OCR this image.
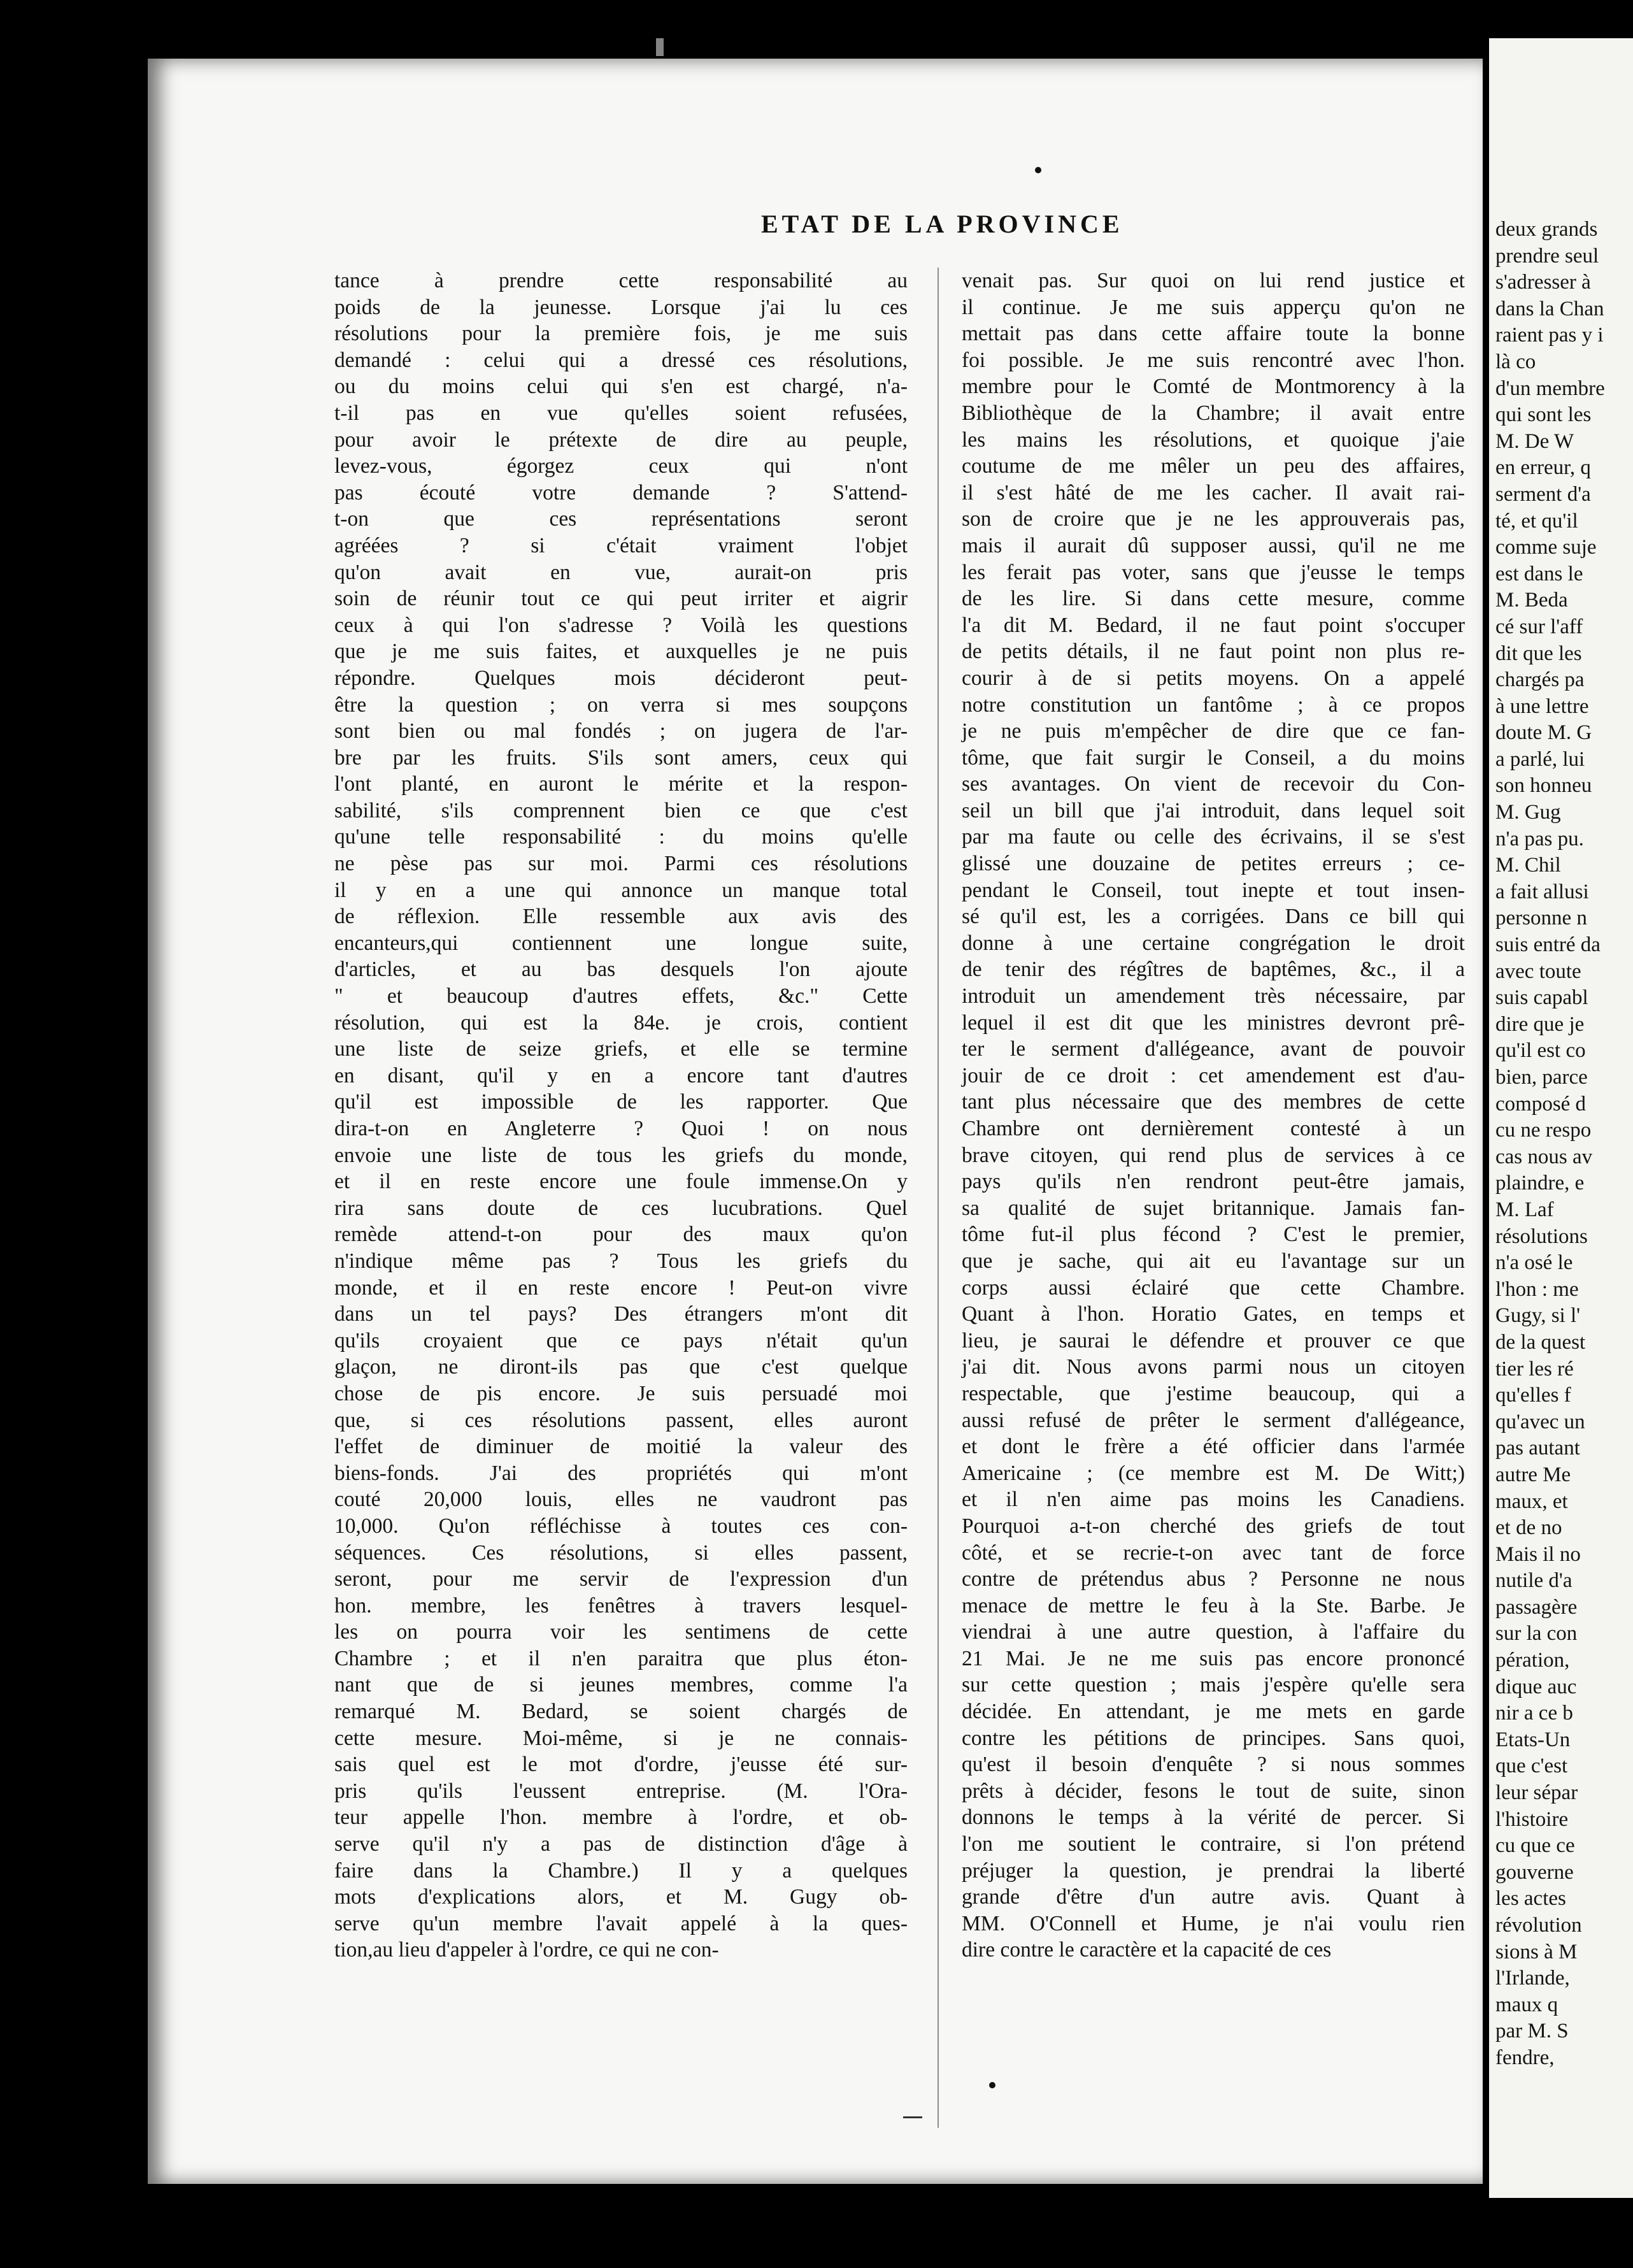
ETAT DE LA PROVINCE
tance à prendre cette responsabilité au
poids de la jeunesse. Lorsque j'ai lu ces
résolutions pour la première fois, je me suis
demandé : celui qui a dressé ces résolutions,
ou du moins celui qui s'en est chargé, n'a-
t-il pas en vue qu'elles soient refusées,
pour avoir le prétexte de dire au peuple,
levez-vous, égorgez ceux qui n'ont
pas écouté votre demande ? S'attend-
t-on que ces représentations seront
agréées ? si c'était vraiment l'objet
qu'on avait en vue, aurait-on pris
soin de réunir tout ce qui peut irriter et aigrir
ceux à qui l'on s'adresse ? Voilà les questions
que je me suis faites, et auxquelles je ne puis
répondre. Quelques mois décideront peut-
être la question ; on verra si mes soupçons
sont bien ou mal fondés ; on jugera de l'ar-
bre par les fruits. S'ils sont amers, ceux qui
l'ont planté, en auront le mérite et la respon-
sabilité, s'ils comprennent bien ce que c'est
qu'une telle responsabilité : du moins qu'elle
ne pèse pas sur moi. Parmi ces résolutions
il y en a une qui annonce un manque total
de réflexion. Elle ressemble aux avis des
encanteurs,qui contiennent une longue suite,
d'articles, et au bas desquels l'on ajoute
" et beaucoup d'autres effets, &c." Cette
résolution, qui est la 84e. je crois, contient
une liste de seize griefs, et elle se termine
en disant, qu'il y en a encore tant d'autres
qu'il est impossible de les rapporter. Que
dira-t-on en Angleterre ? Quoi ! on nous
envoie une liste de tous les griefs du monde,
et il en reste encore une foule immense.On y
rira sans doute de ces lucubrations. Quel
remède attend-t-on pour des maux qu'on
n'indique même pas ? Tous les griefs du
monde, et il en reste encore ! Peut-on vivre
dans un tel pays? Des étrangers m'ont dit
qu'ils croyaient que ce pays n'était qu'un
glaçon, ne diront-ils pas que c'est quelque
chose de pis encore. Je suis persuadé moi
que, si ces résolutions passent, elles auront
l'effet de diminuer de moitié la valeur des
biens-fonds. J'ai des propriétés qui m'ont
couté 20,000 louis, elles ne vaudront pas
10,000. Qu'on réfléchisse à toutes ces con-
séquences. Ces résolutions, si elles passent,
seront, pour me servir de l'expression d'un
hon. membre, les fenêtres à travers lesquel-
les on pourra voir les sentimens de cette
Chambre ; et il n'en paraitra que plus éton-
nant que de si jeunes membres, comme l'a
remarqué M. Bedard, se soient chargés de
cette mesure. Moi-même, si je ne connais-
sais quel est le mot d'ordre, j'eusse été sur-
pris qu'ils l'eussent entreprise. (M. l'Ora-
teur appelle l'hon. membre à l'ordre, et ob-
serve qu'il n'y a pas de distinction d'âge à
faire dans la Chambre.) Il y a quelques
mots d'explications alors, et M. Gugy ob-
serve qu'un membre l'avait appelé à la ques-
tion,au lieu d'appeler à l'ordre, ce qui ne con-
venait pas. Sur quoi on lui rend justice et
il continue. Je me suis apperçu qu'on ne
mettait pas dans cette affaire toute la bonne
foi possible. Je me suis rencontré avec l'hon.
membre pour le Comté de Montmorency à la
Bibliothèque de la Chambre; il avait entre
les mains les résolutions, et quoique j'aie
coutume de me mêler un peu des affaires,
il s'est hâté de me les cacher. Il avait rai-
son de croire que je ne les approuverais pas,
mais il aurait dû supposer aussi, qu'il ne me
les ferait pas voter, sans que j'eusse le temps
de les lire. Si dans cette mesure, comme
l'a dit M. Bedard, il ne faut point s'occuper
de petits détails, il ne faut point non plus re-
courir à de si petits moyens. On a appelé
notre constitution un fantôme ; à ce propos
je ne puis m'empêcher de dire que ce fan-
tôme, que fait surgir le Conseil, a du moins
ses avantages. On vient de recevoir du Con-
seil un bill que j'ai introduit, dans lequel soit
par ma faute ou celle des écrivains, il se s'est
glissé une douzaine de petites erreurs ; ce-
pendant le Conseil, tout inepte et tout insen-
sé qu'il est, les a corrigées. Dans ce bill qui
donne à une certaine congrégation le droit
de tenir des régîtres de baptêmes, &c., il a
introduit un amendement très nécessaire, par
lequel il est dit que les ministres devront prê-
ter le serment d'allégeance, avant de pouvoir
jouir de ce droit : cet amendement est d'au-
tant plus nécessaire que des membres de cette
Chambre ont dernièrement contesté à un
brave citoyen, qui rend plus de services à ce
pays qu'ils n'en rendront peut-être jamais,
sa qualité de sujet britannique. Jamais fan-
tôme fut-il plus fécond ? C'est le premier,
que je sache, qui ait eu l'avantage sur un
corps aussi éclairé que cette Chambre.
Quant à l'hon. Horatio Gates, en temps et
lieu, je saurai le défendre et prouver ce que
j'ai dit. Nous avons parmi nous un citoyen
respectable, que j'estime beaucoup, qui a
aussi refusé de prêter le serment d'allégeance,
et dont le frère a été officier dans l'armée
Americaine ; (ce membre est M. De Witt;)
et il n'en aime pas moins les Canadiens.
Pourquoi a-t-on cherché des griefs de tout
côté, et se recrie-t-on avec tant de force
contre de prétendus abus ? Personne ne nous
menace de mettre le feu à la Ste. Barbe. Je
viendrai à une autre question, à l'affaire du
21 Mai. Je ne me suis pas encore prononcé
sur cette question ; mais j'espère qu'elle sera
décidée. En attendant, je me mets en garde
contre les pétitions de principes. Sans quoi,
qu'est il besoin d'enquête ? si nous sommes
prêts à décider, fesons le tout de suite, sinon
donnons le temps à la vérité de percer. Si
l'on me soutient le contraire, si l'on prétend
préjuger la question, je prendrai la liberté
grande d'être d'un autre avis. Quant à
MM. O'Connell et Hume, je n'ai voulu rien
dire contre le caractère et la capacité de ces
deux grands
prendre seul
s'adresser à
dans la Chan
raient pas y i
là co
d'un membre
qui sont les
M. De W
en erreur, q
serment d'a
té, et qu'il
comme suje
est dans le
M. Beda
cé sur l'aff
dit que les
chargés pa
à une lettre
doute M. G
a parlé, lui
son honneu
M. Gug
n'a pas pu.
M. Chil
a fait allusi
personne n
suis entré da
avec toute
suis capabl
dire que je
qu'il est co
bien, parce
composé d
cu ne respo
cas nous av
plaindre, e
M. Laf
résolutions
n'a osé le
l'hon : me
Gugy, si l'
de la quest
tier les ré
qu'elles f
qu'avec un
pas autant
autre Me
maux, et
et de no
Mais il no
nutile d'a
passagère
sur la con
pération,
dique auc
nir a ce b
Etats-Un
que c'est
leur sépar
l'histoire
cu que ce
gouverne
les actes
révolution
sions à M
l'Irlande,
maux q
par M. S
fendre,
